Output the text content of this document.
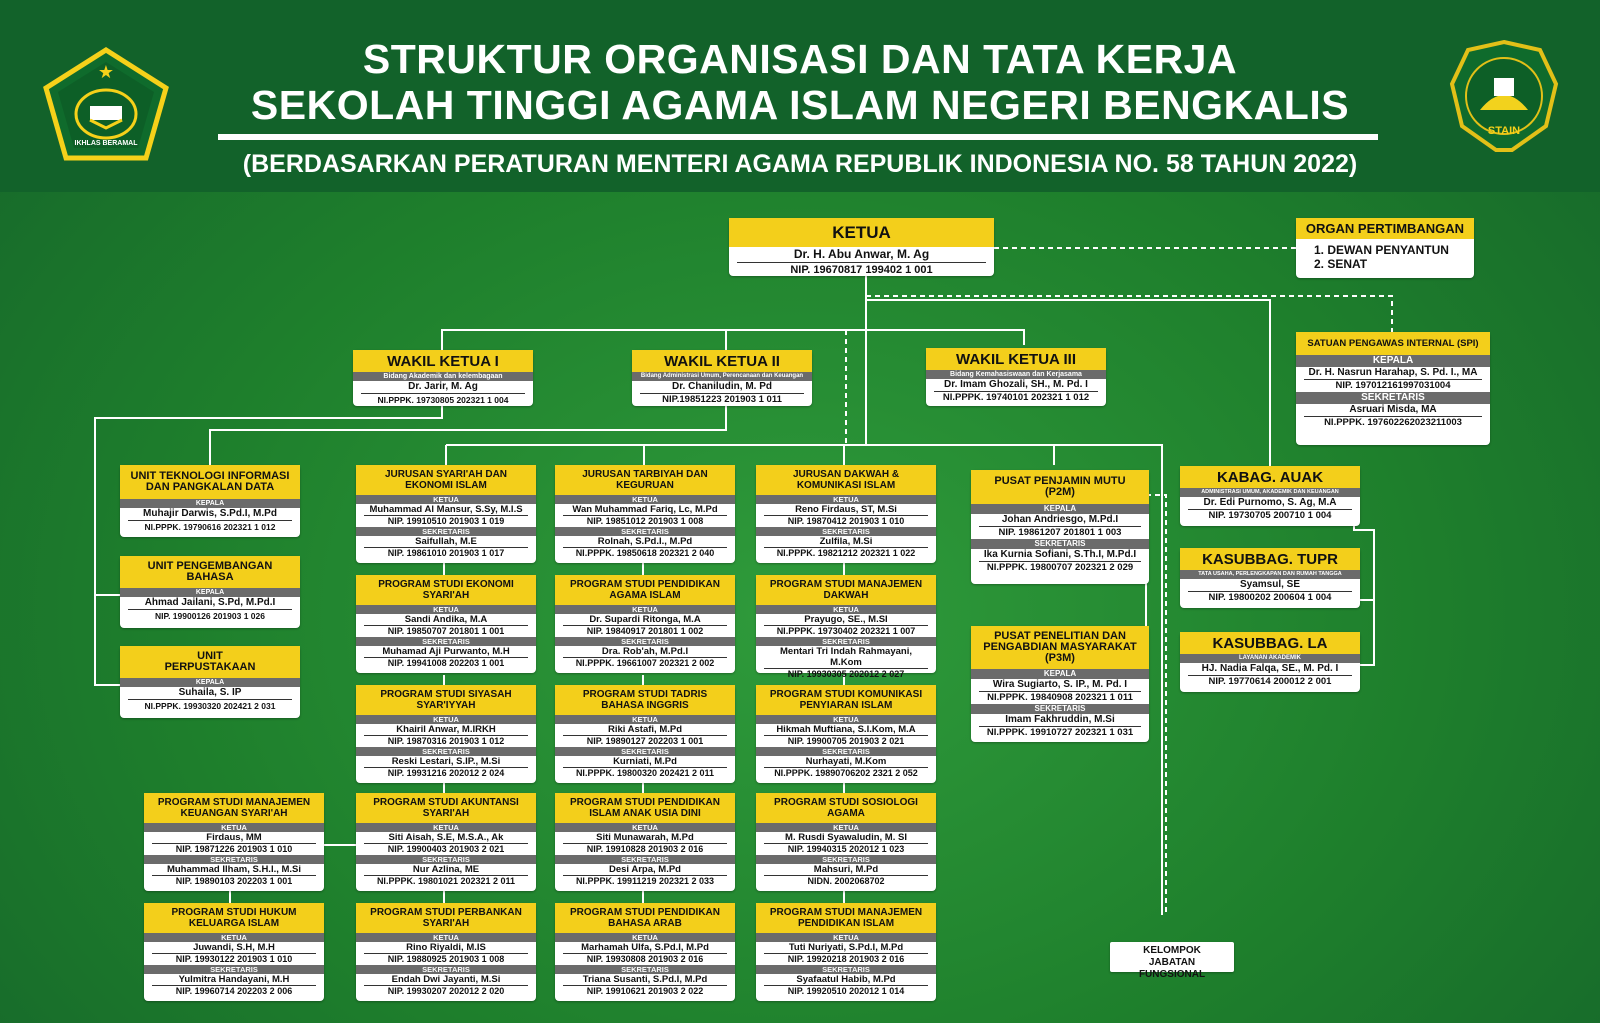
★
IKHLAS BERAMAL
STAIN
STRUKTUR ORGANISASI DAN TATA KERJA
SEKOLAH TINGGI AGAMA ISLAM NEGERI BENGKALIS
(BERDASARKAN PERATURAN MENTERI AGAMA REPUBLIK INDONESIA NO. 58 TAHUN 2022)
KETUA
Dr. H. Abu Anwar, M. Ag
NIP. 19670817 199402 1 001
ORGAN PERTIMBANGAN
1. DEWAN PENYANTUN
2. SENAT
SATUAN PENGAWAS INTERNAL (SPI)
KEPALA
Dr. H. Nasrun Harahap, S. Pd. I., MA
NIP. 197012161997031004
SEKRETARIS
Asruari Misda, MA
NI.PPPK. 197602262023211003
WAKIL KETUA I
Bidang Akademik dan kelembagaan
Dr. Jarir, M. Ag
NI.PPPK. 19730805 202321 1 004
WAKIL KETUA II
Bidang Administrasi Umum, Perencanaan dan Keuangan
Dr. Chaniludin, M. Pd
NIP.19851223 201903 1 011
WAKIL KETUA III
Bidang Kemahasiswaan dan Kerjasama
Dr. Imam Ghozali, SH., M. Pd. I
NI.PPPK. 19740101 202321 1 012
UNIT TEKNOLOGI INFORMASI DAN PANGKALAN DATA
KEPALA
Muhajir Darwis, S.Pd.I, M.Pd
NI.PPPK. 19790616 202321 1 012
UNIT PENGEMBANGAN BAHASA
KEPALA
Ahmad Jailani, S.Pd, M.Pd.I
NIP. 19900126 201903 1 026
UNIT PERPUSTAKAAN
KEPALA
Suhaila, S. IP
NI.PPPK. 19930320 202421 2 031
PROGRAM STUDI MANAJEMEN KEUANGAN SYARI'AH
KETUA
Firdaus, MM
NIP. 19871226 201903 1 010
SEKRETARIS
Muhammad Ilham, S.H.I., M.Si
NIP. 19890103 202203 1 001
PROGRAM STUDI HUKUM KELUARGA ISLAM
KETUA
Juwandi, S.H, M.H
NIP. 19930122 201903 1 010
SEKRETARIS
Yulmitra Handayani, M.H
NIP. 19960714 202203 2 006
JURUSAN SYARI'AH DAN EKONOMI ISLAM
KETUA
Muhammad Al Mansur, S.Sy, M.I.S
NIP. 19910510 201903 1 019
SEKRETARIS
Saifullah, M.E
NIP. 19861010 201903 1 017
PROGRAM STUDI EKONOMI SYARI'AH
KETUA
Sandi Andika, M.A
NIP. 19850707 201801 1 001
SEKRETARIS
Muhamad Aji Purwanto, M.H
NIP. 19941008 202203 1 001
PROGRAM STUDI SIYASAH SYAR'IYYAH
KETUA
Khairil Anwar, M.IRKH
NIP. 19870316 201903 1 012
SEKRETARIS
Reski Lestari, S.IP., M.Si
NIP. 19931216 202012 2 024
PROGRAM STUDI AKUNTANSI SYARI'AH
KETUA
Siti Aisah, S.E, M.S.A., Ak
NIP. 19900403 201903 2 021
SEKRETARIS
Nur Azlina, ME
NI.PPPK. 19801021 202321 2 011
PROGRAM STUDI PERBANKAN SYARI'AH
KETUA
Rino Riyaldi, M.IS
NIP. 19880925 201903 1 008
SEKRETARIS
Endah Dwi Jayanti, M.Si
NIP. 19930207 202012 2 020
JURUSAN TARBIYAH DAN KEGURUAN
KETUA
Wan Muhammad Fariq, Lc, M.Pd
NIP. 19851012 201903 1 008
SEKRETARIS
Rolnah, S.Pd.I., M.Pd
NI.PPPK. 19850618 202321 2 040
PROGRAM STUDI PENDIDIKAN AGAMA ISLAM
KETUA
Dr. Supardi Ritonga, M.A
NIP. 19840917 201801 1 002
SEKRETARIS
Dra. Rob'ah, M.Pd.I
NI.PPPK. 19661007 202321 2 002
PROGRAM STUDI TADRIS BAHASA INGGRIS
KETUA
Riki Astafi, M.Pd
NIP. 19890127 202203 1 001
SEKRETARIS
Kurniati, M.Pd
NI.PPPK. 19800320 202421 2 011
PROGRAM STUDI PENDIDIKAN ISLAM ANAK USIA DINI
KETUA
Siti Munawarah, M.Pd
NIP. 19910828 201903 2 016
SEKRETARIS
Desi Arpa, M.Pd
NI.PPPK. 19911219 202321 2 033
PROGRAM STUDI PENDIDIKAN BAHASA ARAB
KETUA
Marhamah Ulfa, S.Pd.I, M.Pd
NIP. 19930808 201903 2 016
SEKRETARIS
Triana Susanti, S.Pd.I, M.Pd
NIP. 19910621 201903 2 022
JURUSAN DAKWAH & KOMUNIKASI ISLAM
KETUA
Reno Firdaus, ST, M.Si
NIP. 19870412 201903 1 010
SEKRETARIS
Zulfila, M.Si
NI.PPPK. 19821212 202321 1 022
PROGRAM STUDI MANAJEMEN DAKWAH
KETUA
Prayugo, SE., M.SI
NI.PPPK. 19730402 202321 1 007
SEKRETARIS
Mentari Tri Indah Rahmayani, M.Kom
NIP. 19930305 202012 2 027
PROGRAM STUDI KOMUNIKASI PENYIARAN ISLAM
KETUA
Hikmah Muftiana, S.I.Kom, M.A
NIP. 19900705 201903 2 021
SEKRETARIS
Nurhayati, M.Kom
NI.PPPK. 19890706202 2321 2 052
PROGRAM STUDI SOSIOLOGI AGAMA
KETUA
M. Rusdi Syawaludin, M. SI
NIP. 19940315 202012 1 023
SEKRETARIS
Mahsuri, M.Pd
NIDN. 2002068702
PROGRAM STUDI MANAJEMEN PENDIDIKAN ISLAM
KETUA
Tuti Nuriyati, S.Pd.I, M.Pd
NIP. 19920218 201903 2 016
SEKRETARIS
Syafaatul Habib, M.Pd
NIP. 19920510 202012 1 014
PUSAT PENJAMIN MUTU (P2M)
KEPALA
Johan Andriesgo, M.Pd.I
NIP. 19861207 201801 1 003
SEKRETARIS
Ika Kurnia Sofiani, S.Th.I, M.Pd.I
NI.PPPK. 19800707 202321 2 029
PUSAT PENELITIAN DAN PENGABDIAN MASYARAKAT (P3M)
KEPALA
Wira Sugiarto, S. IP., M. Pd. I
NI.PPPK. 19840908 202321 1 011
SEKRETARIS
Imam Fakhruddin, M.Si
NI.PPPK. 19910727 202321 1 031
KABAG. AUAK
ADMINISTRASI UMUM, AKADEMIK DAN KEUANGAN
Dr. Edi Purnomo, S. Ag, M.A
NIP. 19730705 200710 1 004
KASUBBAG. TUPR
TATA USAHA, PERLENGKAPAN DAN RUMAH TANGGA
Syamsul, SE
NIP. 19800202 200604 1 004
KASUBBAG. LA
LAYANAN AKADEMIK
HJ. Nadia Falqa, SE., M. Pd. I
NIP. 19770614 200012 2 001
KELOMPOK JABATAN FUNGSIONAL
